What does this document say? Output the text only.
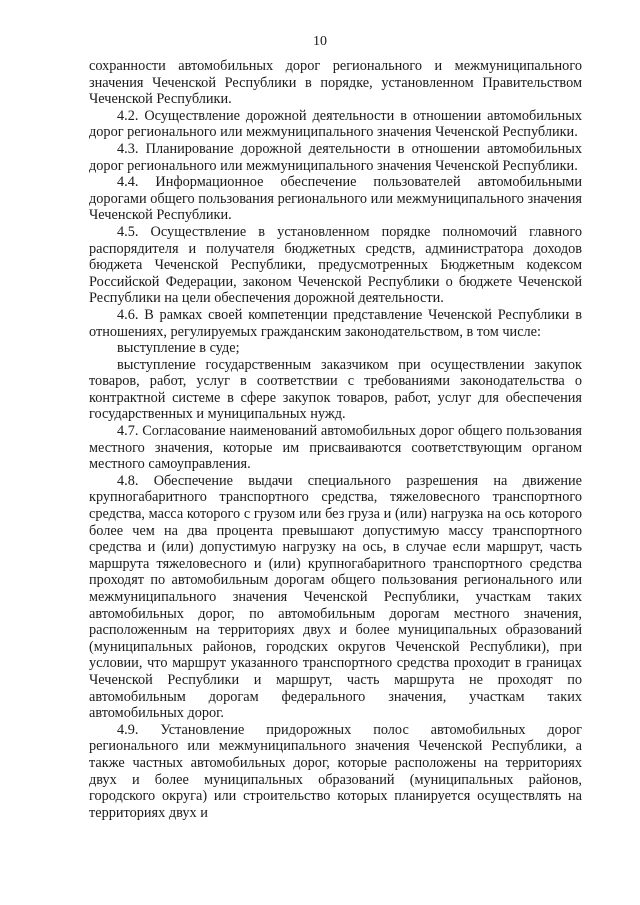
10

сохранности автомобильных дорог регионального и межмуниципального значения Чеченской Республики в порядке, установленном Правительством Чеченской Республики.

4.2. Осуществление дорожной деятельности в отношении автомобильных дорог регионального или межмуниципального значения Чеченской Республики.

4.3. Планирование дорожной деятельности в отношении автомобильных дорог регионального или межмуниципального значения Чеченской Республики.

4.4. Информационное обеспечение пользователей автомобильными дорогами общего пользования регионального или межмуниципального значения Чеченской Республики.

4.5. Осуществление в установленном порядке полномочий главного распорядителя и получателя бюджетных средств, администратора доходов бюджета Чеченской Республики, предусмотренных Бюджетным кодексом Российской Федерации, законом Чеченской Республики о бюджете Чеченской Республики на цели обеспечения дорожной деятельности.

4.6. В рамках своей компетенции представление Чеченской Республики в отношениях, регулируемых гражданским законодательством, в том числе:

выступление в суде;

выступление государственным заказчиком при осуществлении закупок товаров, работ, услуг в соответствии с требованиями законодательства о контрактной системе в сфере закупок товаров, работ, услуг для обеспечения государственных и муниципальных нужд.

4.7. Согласование наименований автомобильных дорог общего пользования местного значения, которые им присваиваются соответствующим органом местного самоуправления.

4.8. Обеспечение выдачи специального разрешения на движение крупногабаритного транспортного средства, тяжеловесного транспортного средства, масса которого с грузом или без груза и (или) нагрузка на ось которого более чем на два процента превышают допустимую массу транспортного средства и (или) допустимую нагрузку на ось, в случае если маршрут, часть маршрута тяжеловесного и (или) крупногабаритного транспортного средства проходят по автомобильным дорогам общего пользования регионального или межмуниципального значения Чеченской Республики, участкам таких автомобильных дорог, по автомобильным дорогам местного значения, расположенным на территориях двух и более муниципальных образований (муниципальных районов, городских округов Чеченской Республики), при условии, что маршрут указанного транспортного средства проходит в границах Чеченской Республики и маршрут, часть маршрута не проходят по автомобильным дорогам федерального значения, участкам таких автомобильных дорог.

4.9. Установление придорожных полос автомобильных дорог регионального или межмуниципального значения Чеченской Республики, а также частных автомобильных дорог, которые расположены на территориях двух и более муниципальных образований (муниципальных районов, городского округа) или строительство которых планируется осуществлять на территориях двух и
